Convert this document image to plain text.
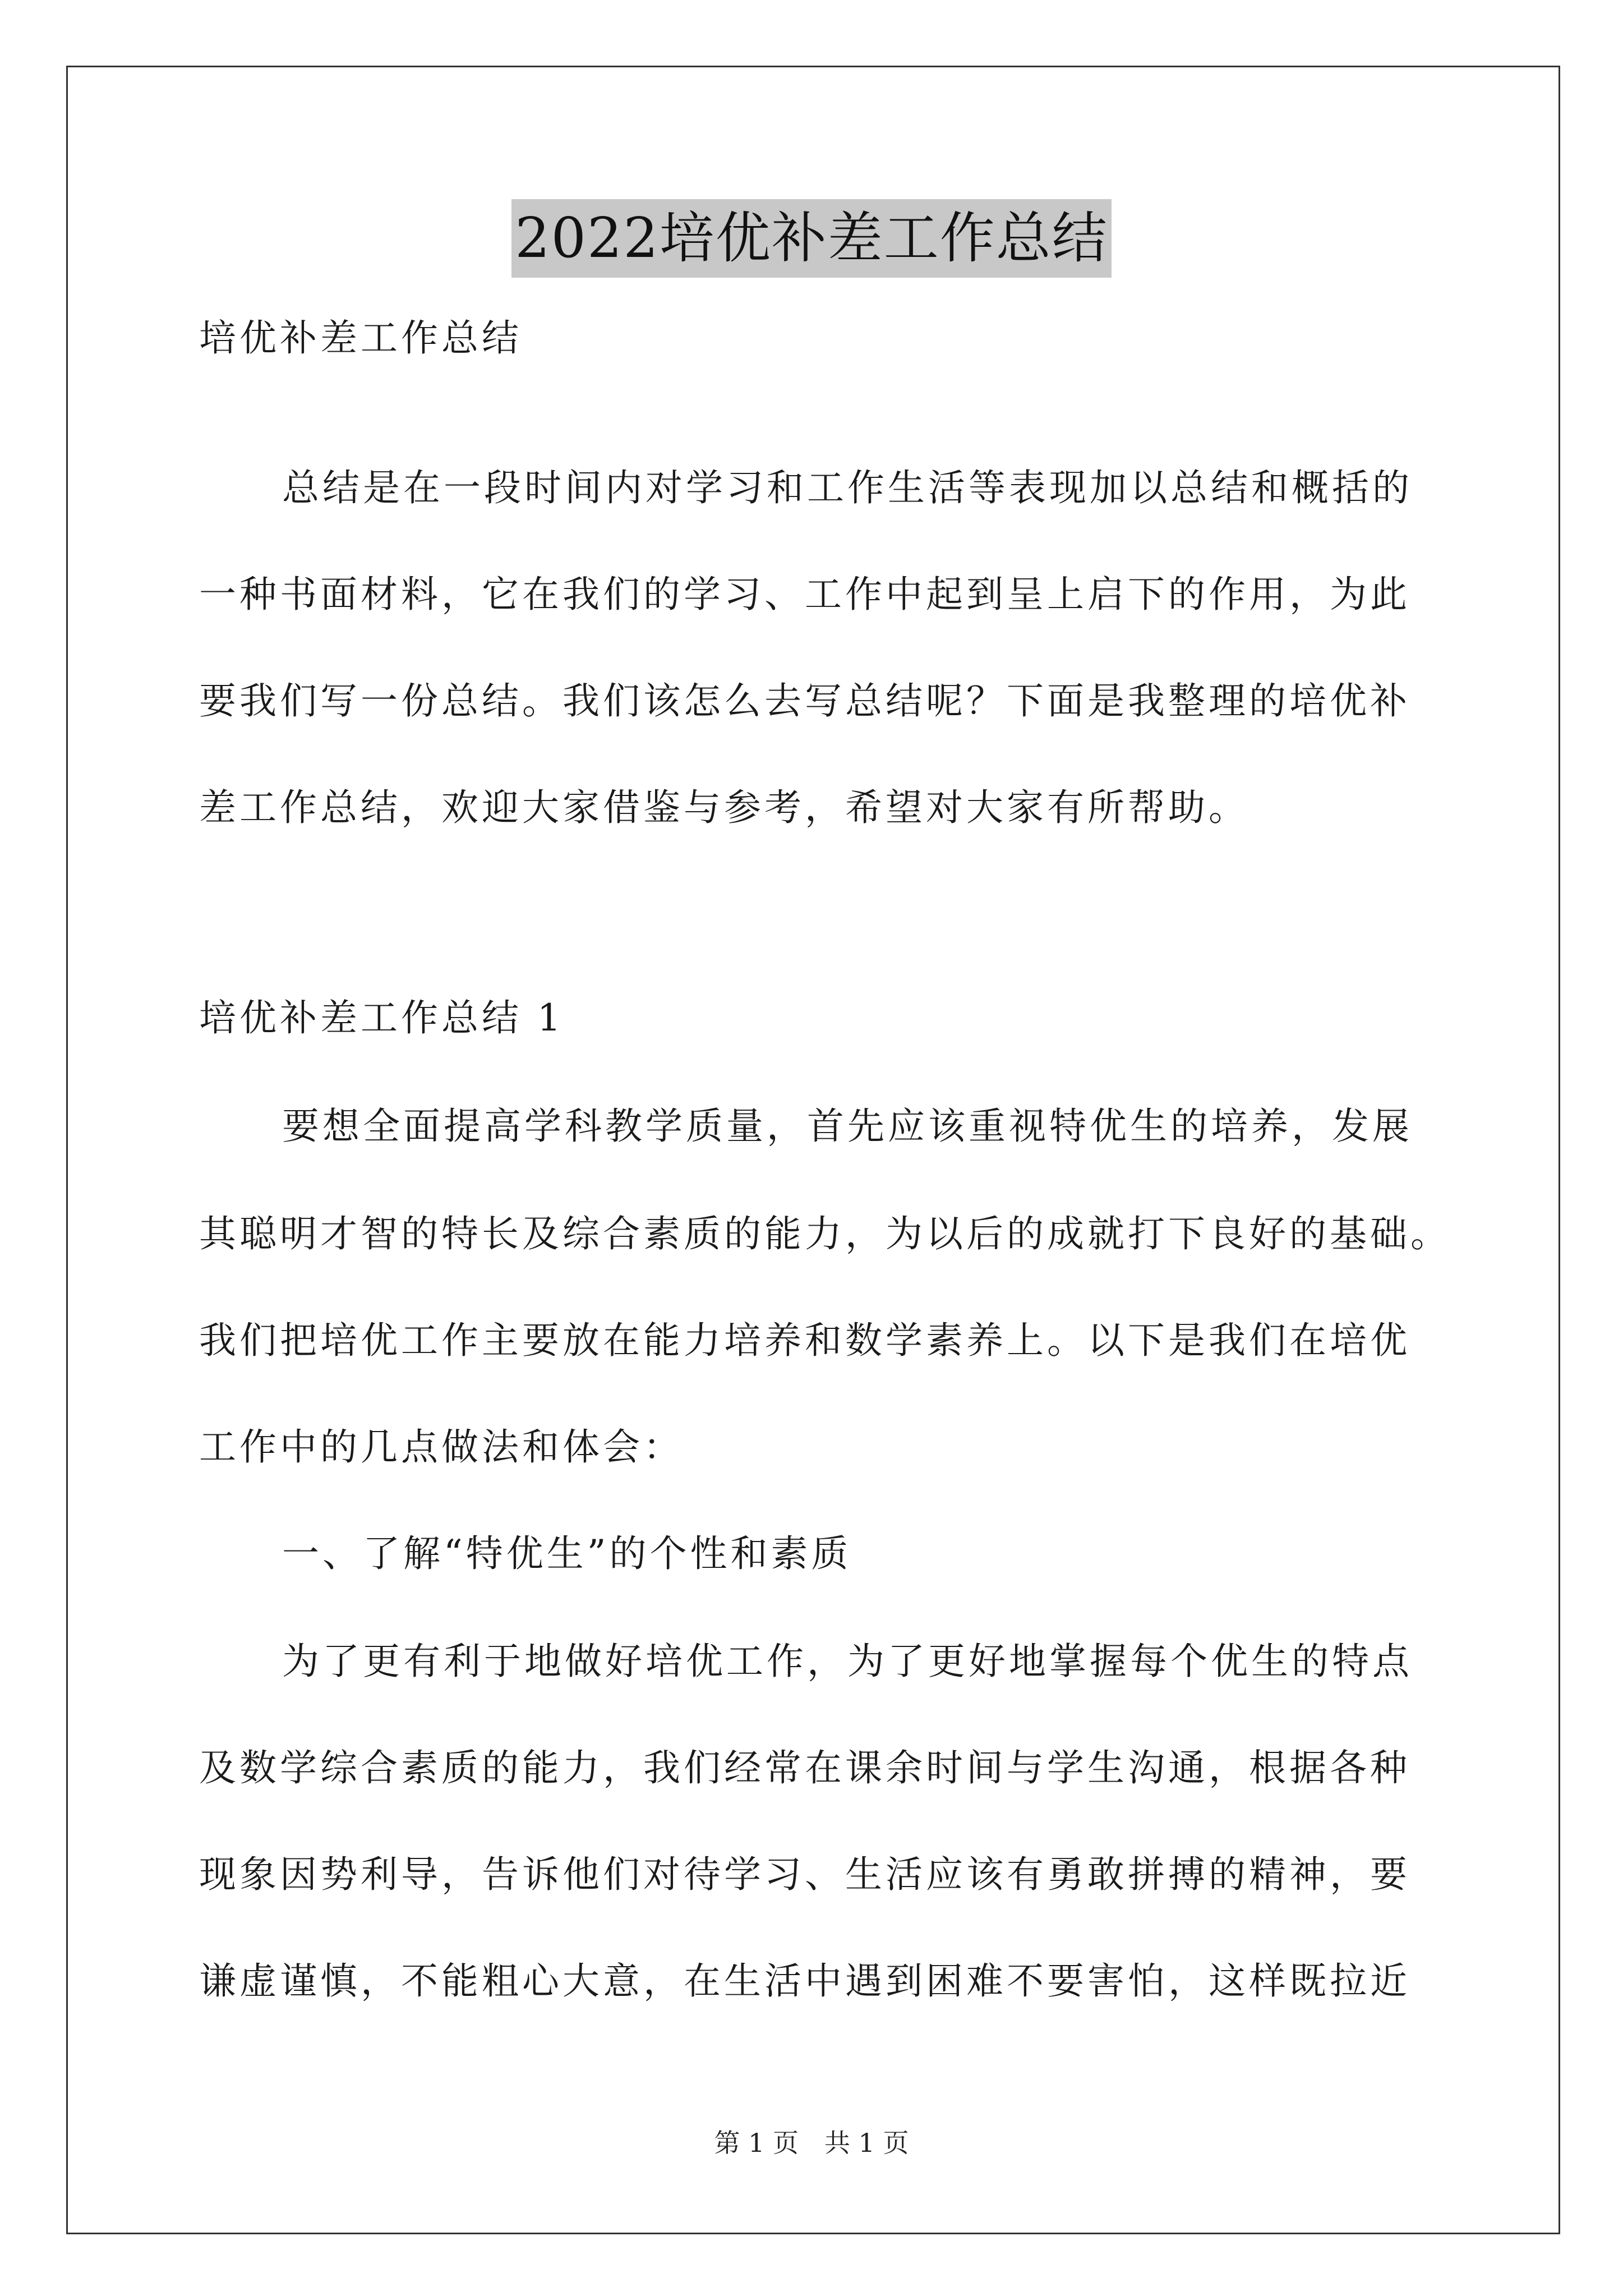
2022培优补差工作总结
培优补差工作总结
总结是在一段时间内对学习和工作生活等表现加以总结和概括的
一种书面材料，它在我们的学习、工作中起到呈上启下的作用，为此
要我们写一份总结。我们该怎么去写总结呢？下面是我整理的培优补
差工作总结，欢迎大家借鉴与参考，希望对大家有所帮助。
培优补差工作总结 1
要想全面提高学科教学质量，首先应该重视特优生的培养，发展
其聪明才智的特长及综合素质的能力，为以后的成就打下良好的基础。
我们把培优工作主要放在能力培养和数学素养上。以下是我们在培优
工作中的几点做法和体会：
一、了解“特优生”的个性和素质
为了更有利于地做好培优工作，为了更好地掌握每个优生的特点
及数学综合素质的能力，我们经常在课余时间与学生沟通，根据各种
现象因势利导，告诉他们对待学习、生活应该有勇敢拼搏的精神，要
谦虚谨慎，不能粗心大意，在生活中遇到困难不要害怕，这样既拉近
第 1 页　共 1 页
